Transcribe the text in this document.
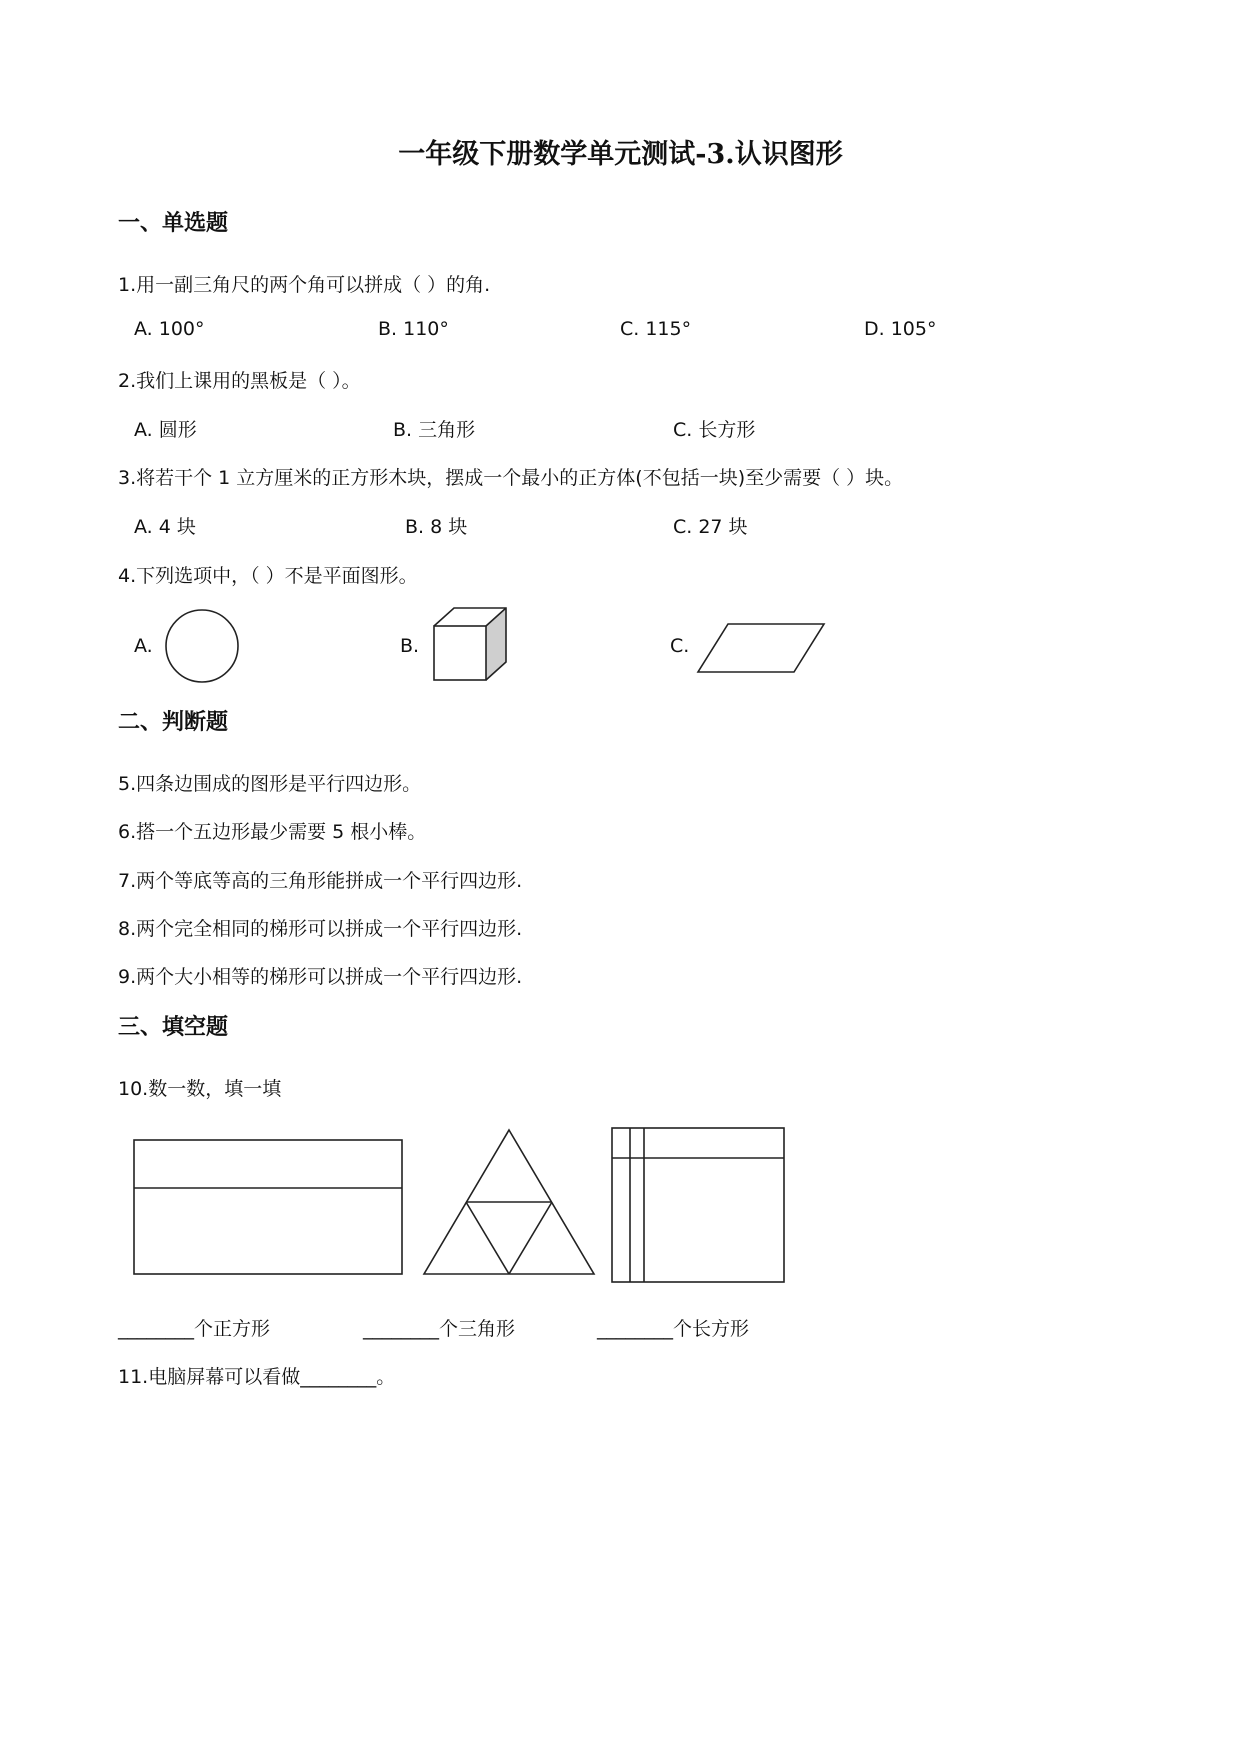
一年级下册数学单元测试-3.认识图形
一、单选题
1.用一副三角尺的两个角可以拼成（ ）的角.
A. 100°	B. 110°	C. 115°	D. 105°
2.我们上课用的黑板是（ ）。
A. 圆形	B. 三角形	C. 长方形
3.将若干个 1 立方厘米的正方形木块，摆成一个最小的正方体(不包括一块)至少需要（ ）块。
A. 4 块	B. 8 块	C. 27 块
4.下列选项中，（ ）不是平面图形。
A.	B.	C.
二、判断题
5.四条边围成的图形是平行四边形。
6.搭一个五边形最少需要 5 根小棒。
7.两个等底等高的三角形能拼成一个平行四边形.
8.两个完全相同的梯形可以拼成一个平行四边形.
9.两个大小相等的梯形可以拼成一个平行四边形.
三、填空题
10.数一数，填一填
________个正方形	________个三角形	________个长方形
11.电脑屏幕可以看做________。
